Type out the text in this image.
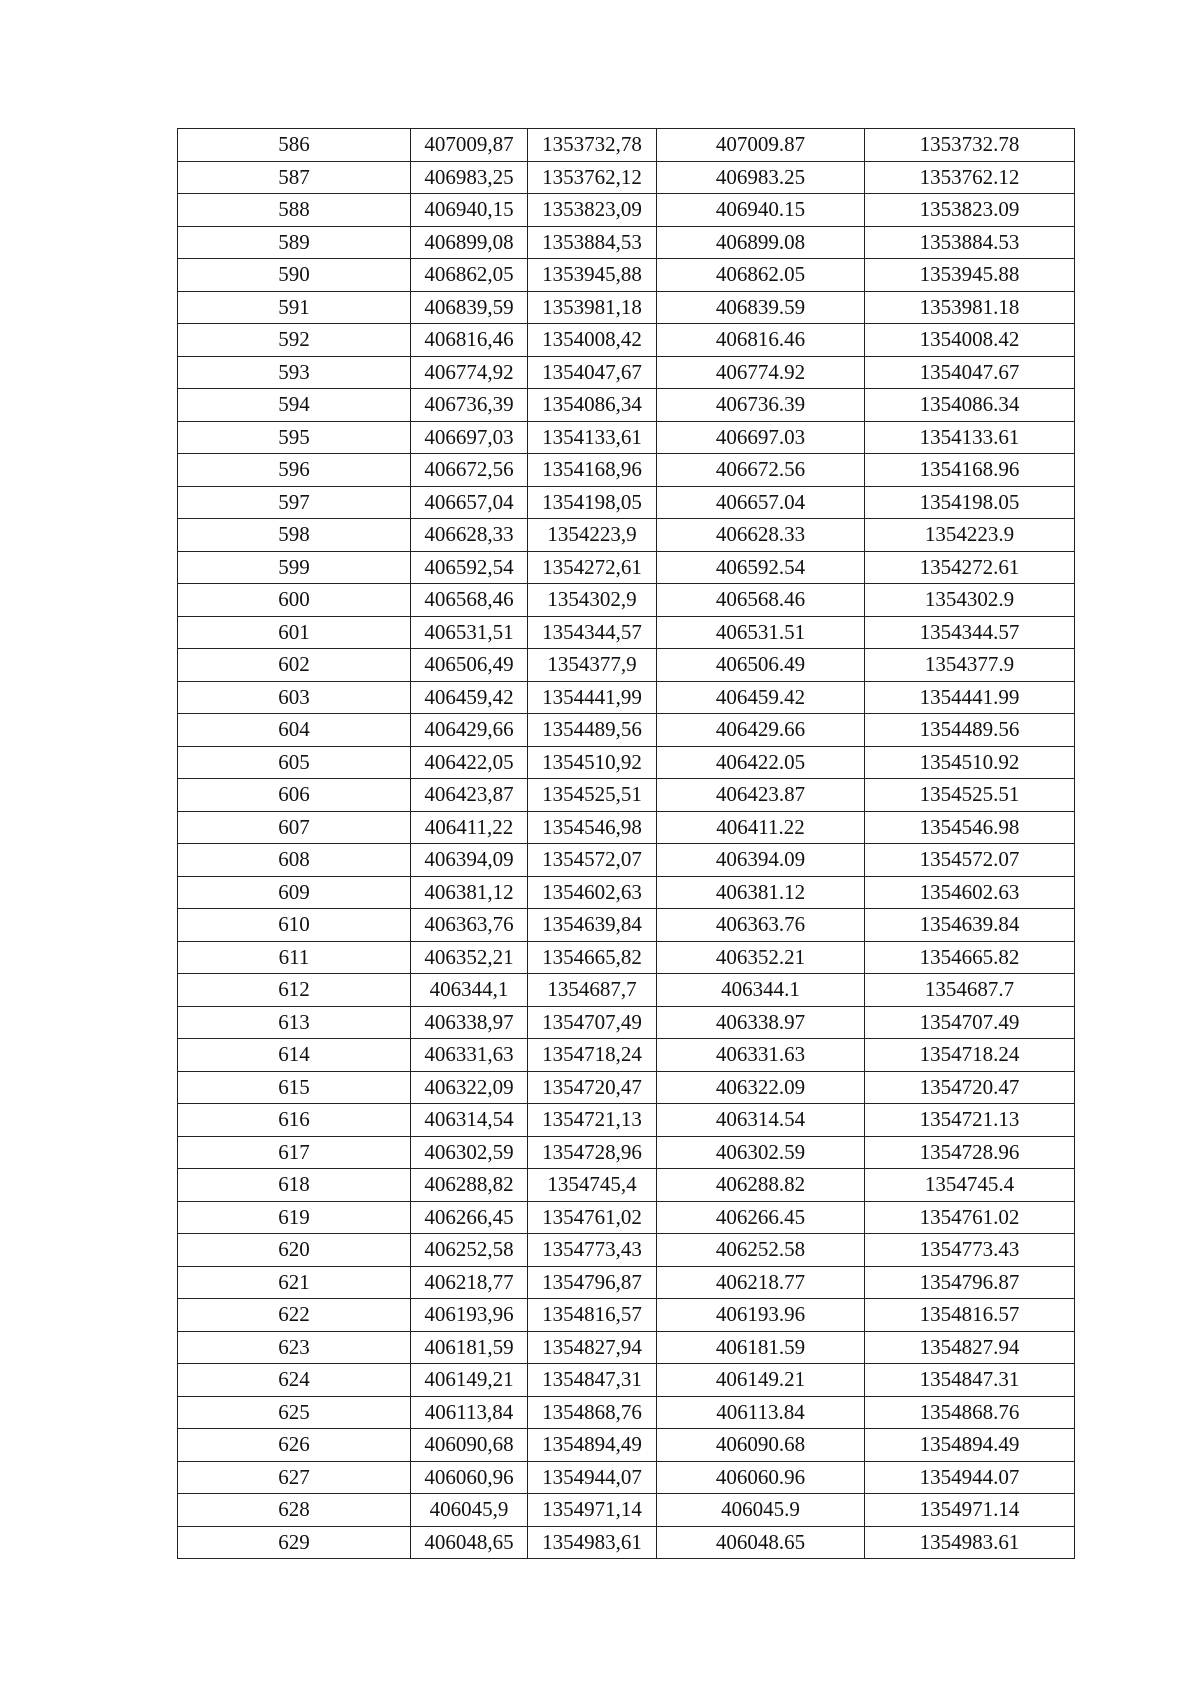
586	407009,87	1353732,78	407009.87	1353732.78
587	406983,25	1353762,12	406983.25	1353762.12
588	406940,15	1353823,09	406940.15	1353823.09
589	406899,08	1353884,53	406899.08	1353884.53
590	406862,05	1353945,88	406862.05	1353945.88
591	406839,59	1353981,18	406839.59	1353981.18
592	406816,46	1354008,42	406816.46	1354008.42
593	406774,92	1354047,67	406774.92	1354047.67
594	406736,39	1354086,34	406736.39	1354086.34
595	406697,03	1354133,61	406697.03	1354133.61
596	406672,56	1354168,96	406672.56	1354168.96
597	406657,04	1354198,05	406657.04	1354198.05
598	406628,33	1354223,9	406628.33	1354223.9
599	406592,54	1354272,61	406592.54	1354272.61
600	406568,46	1354302,9	406568.46	1354302.9
601	406531,51	1354344,57	406531.51	1354344.57
602	406506,49	1354377,9	406506.49	1354377.9
603	406459,42	1354441,99	406459.42	1354441.99
604	406429,66	1354489,56	406429.66	1354489.56
605	406422,05	1354510,92	406422.05	1354510.92
606	406423,87	1354525,51	406423.87	1354525.51
607	406411,22	1354546,98	406411.22	1354546.98
608	406394,09	1354572,07	406394.09	1354572.07
609	406381,12	1354602,63	406381.12	1354602.63
610	406363,76	1354639,84	406363.76	1354639.84
611	406352,21	1354665,82	406352.21	1354665.82
612	406344,1	1354687,7	406344.1	1354687.7
613	406338,97	1354707,49	406338.97	1354707.49
614	406331,63	1354718,24	406331.63	1354718.24
615	406322,09	1354720,47	406322.09	1354720.47
616	406314,54	1354721,13	406314.54	1354721.13
617	406302,59	1354728,96	406302.59	1354728.96
618	406288,82	1354745,4	406288.82	1354745.4
619	406266,45	1354761,02	406266.45	1354761.02
620	406252,58	1354773,43	406252.58	1354773.43
621	406218,77	1354796,87	406218.77	1354796.87
622	406193,96	1354816,57	406193.96	1354816.57
623	406181,59	1354827,94	406181.59	1354827.94
624	406149,21	1354847,31	406149.21	1354847.31
625	406113,84	1354868,76	406113.84	1354868.76
626	406090,68	1354894,49	406090.68	1354894.49
627	406060,96	1354944,07	406060.96	1354944.07
628	406045,9	1354971,14	406045.9	1354971.14
629	406048,65	1354983,61	406048.65	1354983.61
